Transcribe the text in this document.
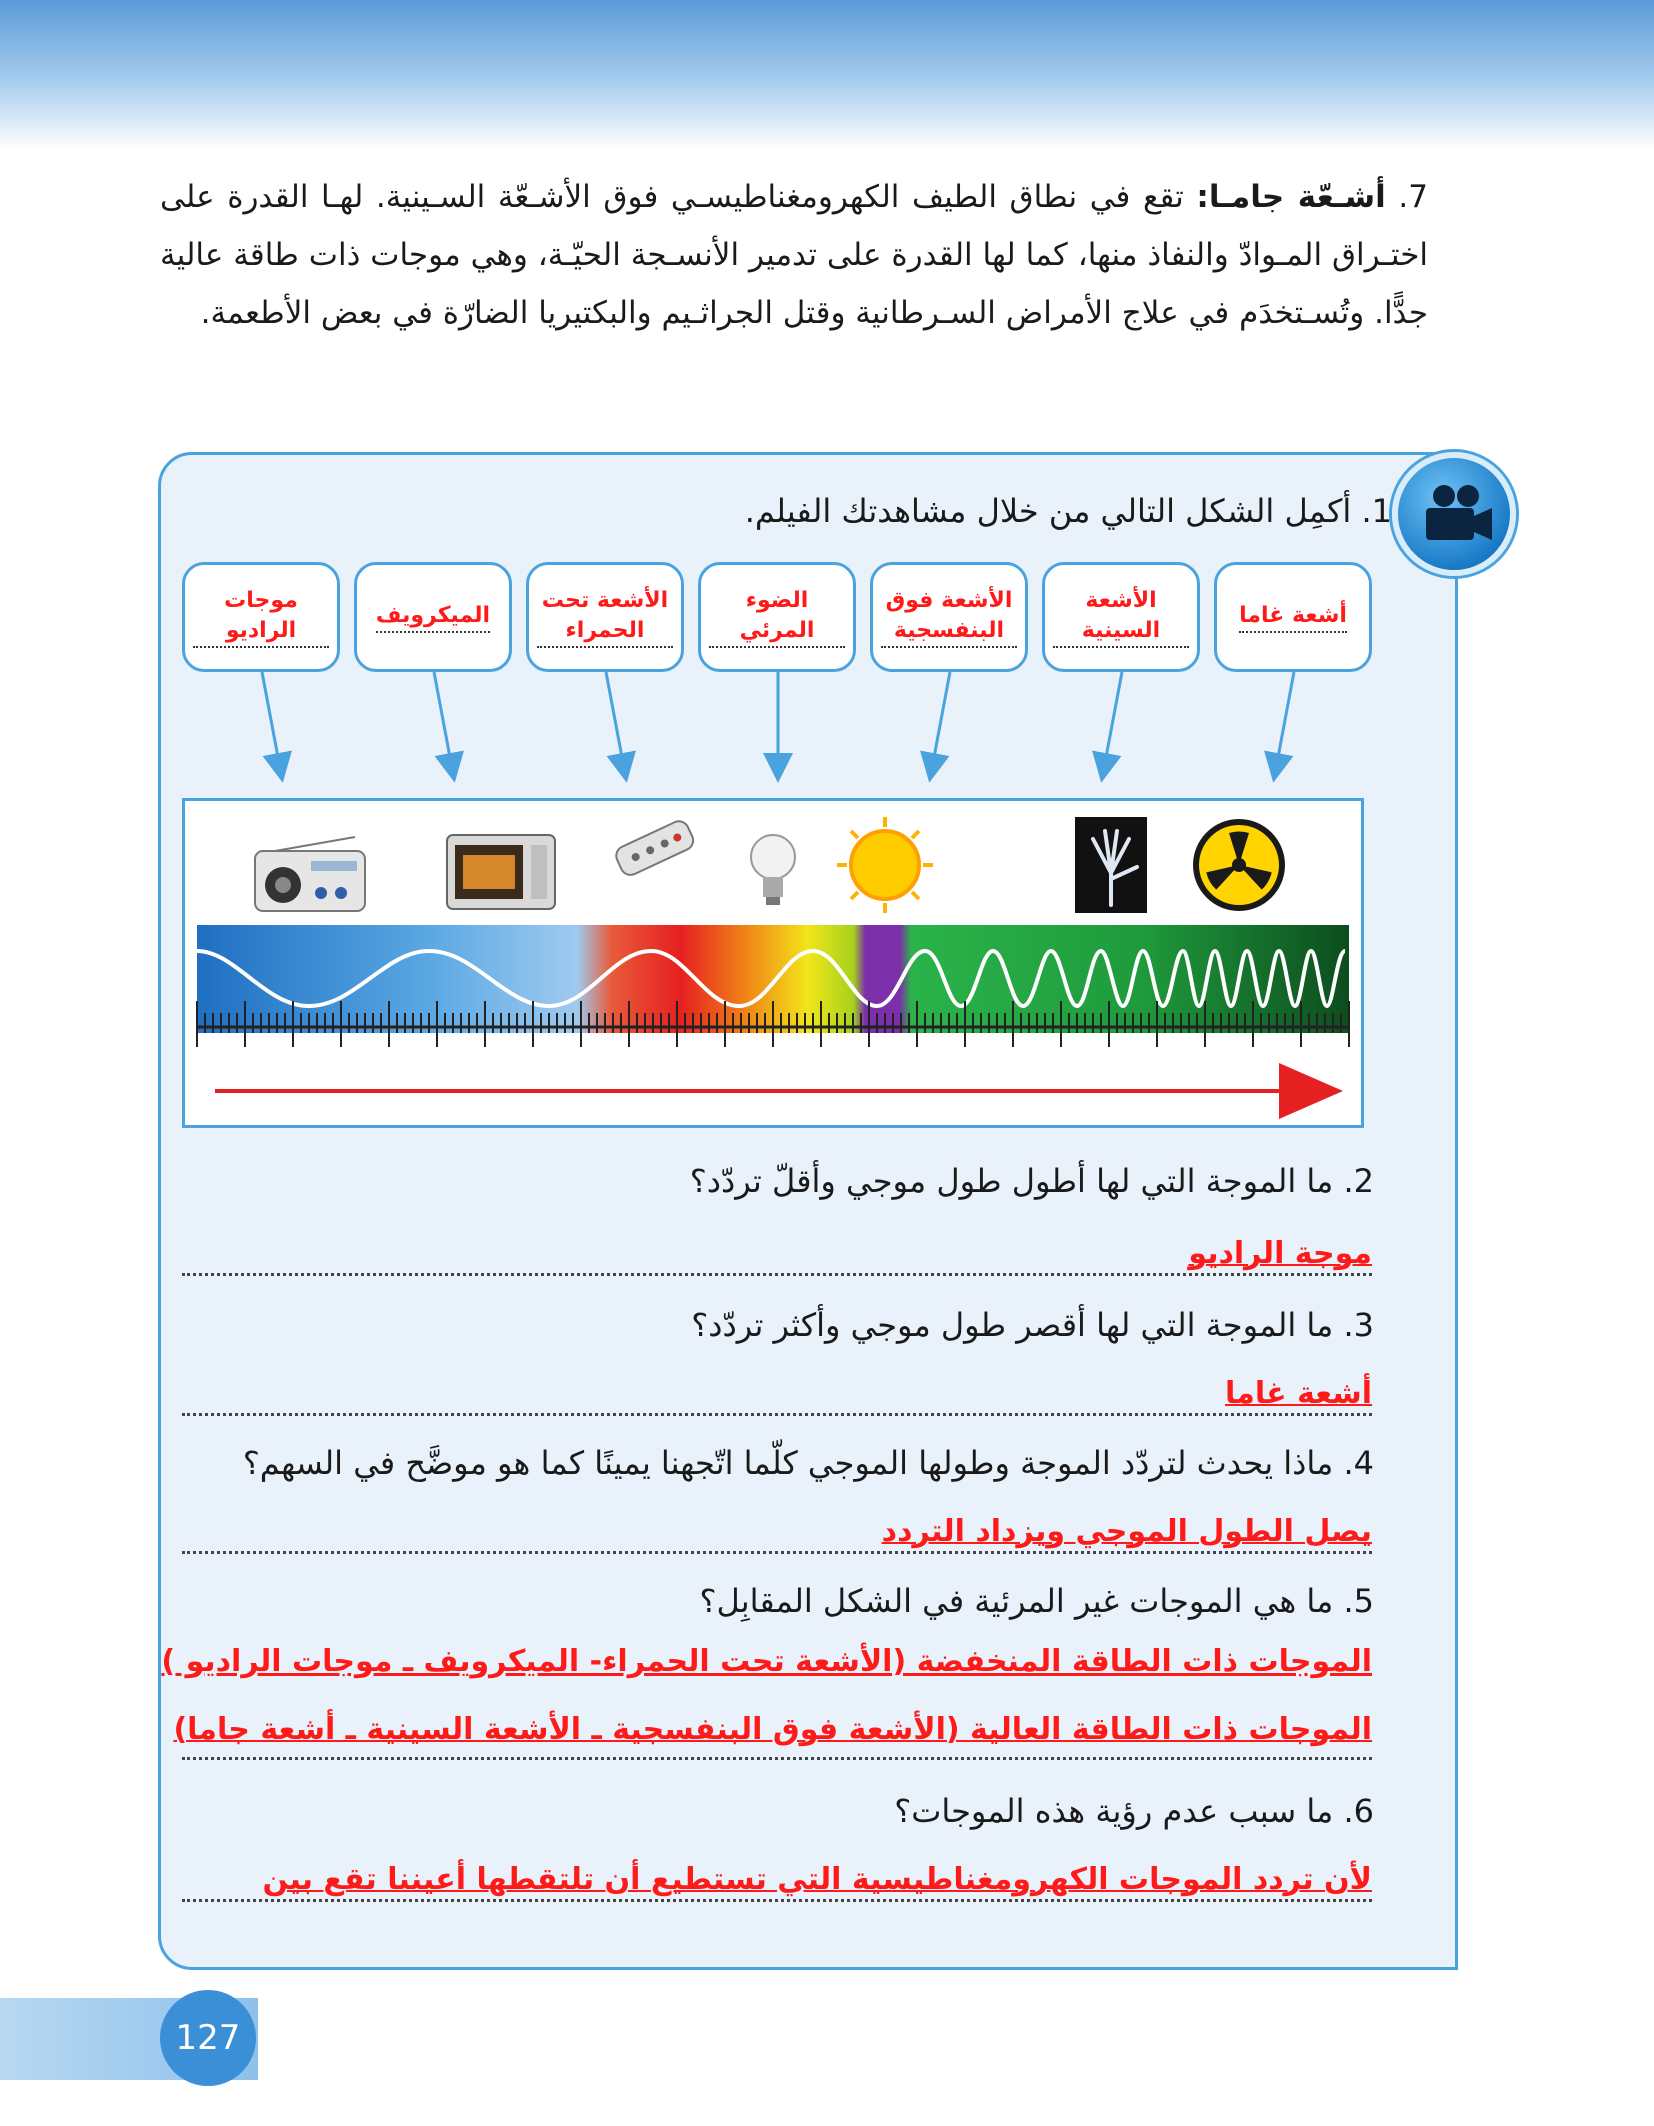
7. أشـعّة جامـا: تقع في نطاق الطيف الكهرومغناطيسـي فوق الأشـعّة السـينية. لهـا القدرة على اختـراق المـوادّ والنفاذ منها، كما لها القدرة على تدمير الأنسـجة الحيّـة، وهي موجات ذات طاقة عالية جدًّا. وتُسـتخدَم في علاج الأمراض السـرطانية وقتل الجراثـيم والبكتيريا الضارّة في بعض الأطعمة.

1. أكمِل الشكل التالي من خلال مشاهدتك الفيلم.
أشعة غاما
الأشعة السينية
الأشعة فوق البنفسجية
الضوء المرئي
الأشعة تحت الحمراء
الميكرويف
موجات الراديو
2. ما الموجة التي لها أطول طول موجي وأقلّ تردّد؟
موجة الراديو
3. ما الموجة التي لها أقصر طول موجي وأكثر تردّد؟
أشعة غاما
4. ماذا يحدث لتردّد الموجة وطولها الموجي كلّما اتّجهنا يمينًا كما هو موضَّح في السهم؟
يصل الطول الموجي ويزداد التردد
5. ما هي الموجات غير المرئية في الشكل المقابِل؟
الموجات ذات الطاقة المنخفضة (الأشعة تحت الحمراء- الميكرويف ـ موجات الراديو )
الموجات ذات الطاقة العالية (الأشعة فوق البنفسجية ـ الأشعة السينية ـ أشعة جاما)
6. ما سبب عدم رؤية هذه الموجات؟
لأن تردد الموجات الكهرومغناطيسية التي تستطيع أن تلتقطها أعيننا تقع بين
127
